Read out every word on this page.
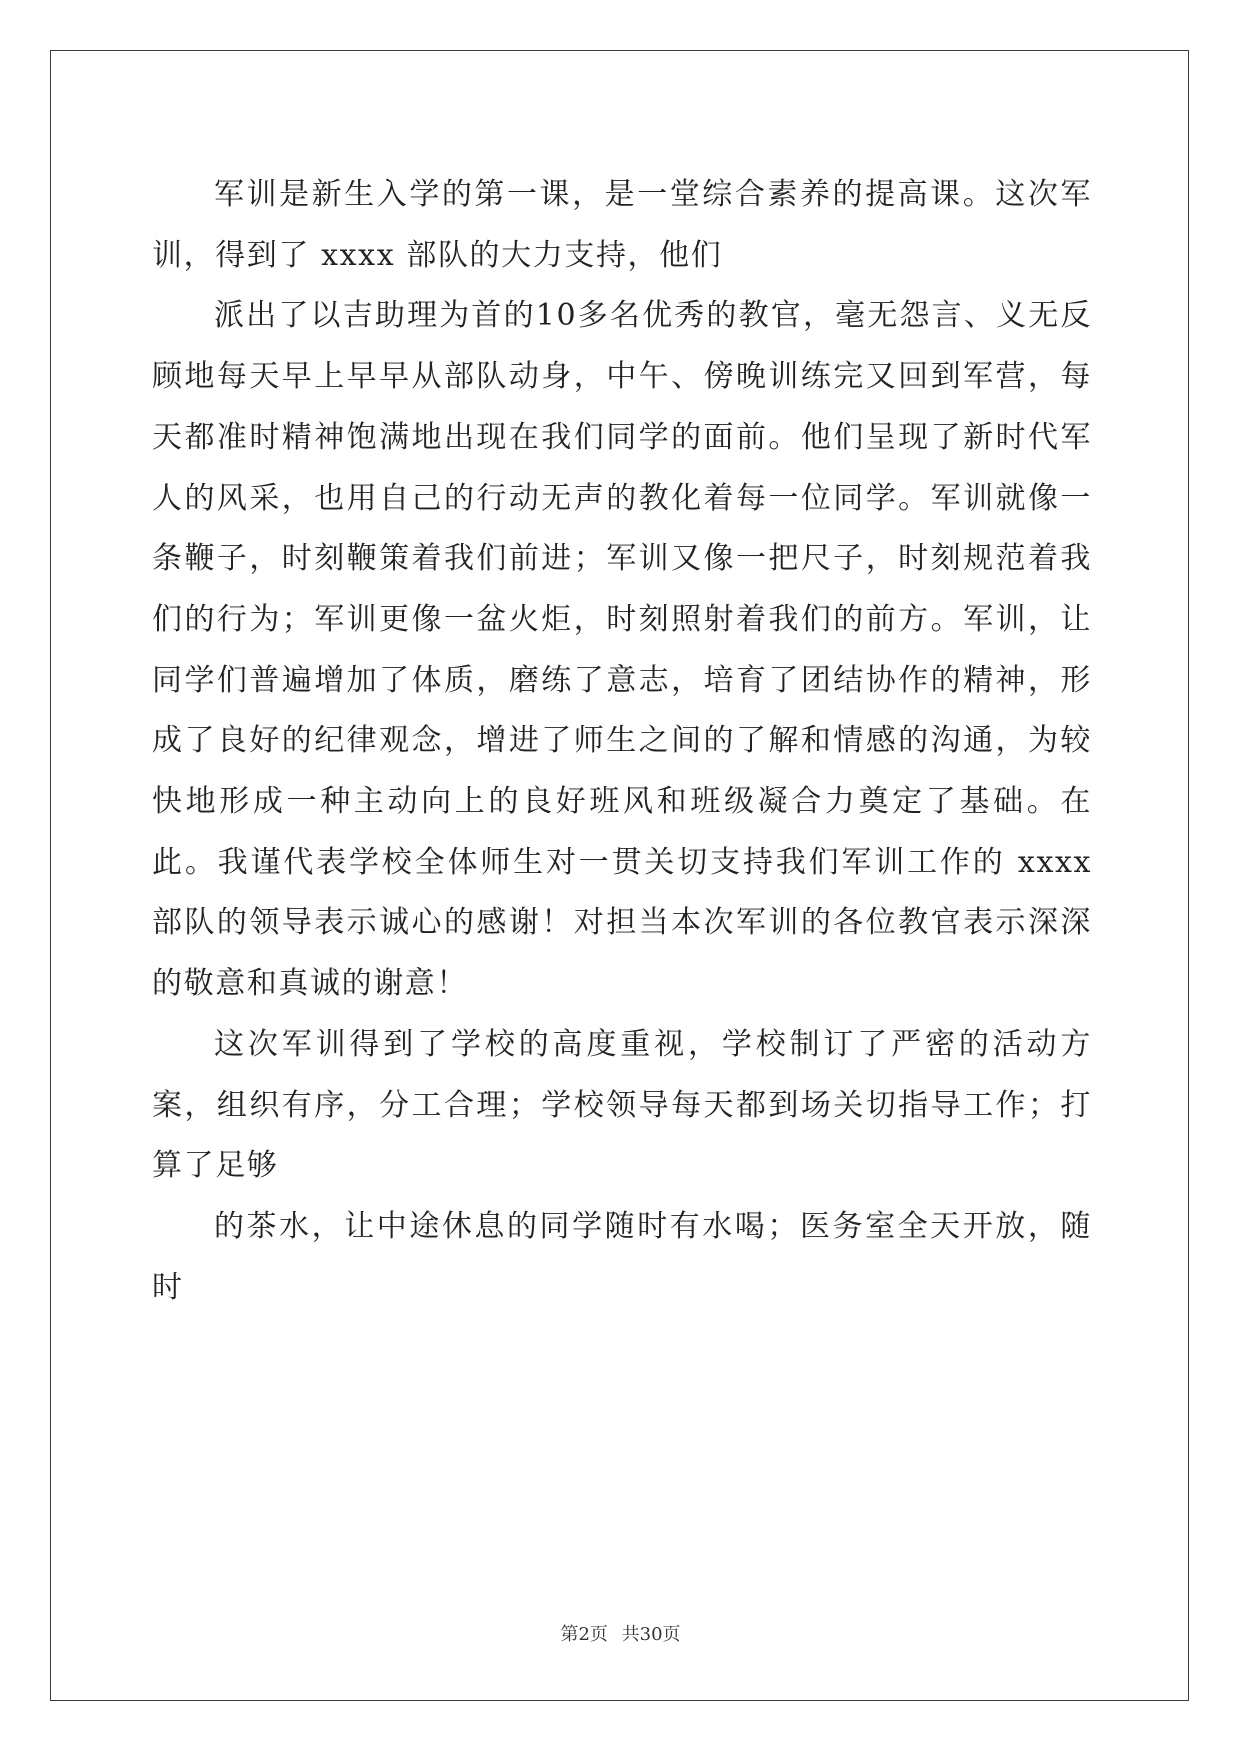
军训是新生入学的第一课，是一堂综合素养的提高课。这次军训，得到了 xxxx 部队的大力支持，他们

派出了以吉助理为首的10多名优秀的教官，毫无怨言、义无反顾地每天早上早早从部队动身，中午、傍晚训练完又回到军营，每天都准时精神饱满地出现在我们同学的面前。他们呈现了新时代军人的风采，也用自己的行动无声的教化着每一位同学。军训就像一条鞭子，时刻鞭策着我们前进；军训又像一把尺子，时刻规范着我们的行为；军训更像一盆火炬，时刻照射着我们的前方。军训，让同学们普遍增加了体质，磨练了意志，培育了团结协作的精神，形成了良好的纪律观念，增进了师生之间的了解和情感的沟通，为较快地形成一种主动向上的良好班风和班级凝合力奠定了基础。在此。我谨代表学校全体师生对一贯关切支持我们军训工作的 xxxx 部队的领导表示诚心的感谢！对担当本次军训的各位教官表示深深的敬意和真诚的谢意！

这次军训得到了学校的高度重视，学校制订了严密的活动方案，组织有序，分工合理；学校领导每天都到场关切指导工作；打算了足够

的茶水，让中途休息的同学随时有水喝；医务室全天开放，随时

第2页 共30页
